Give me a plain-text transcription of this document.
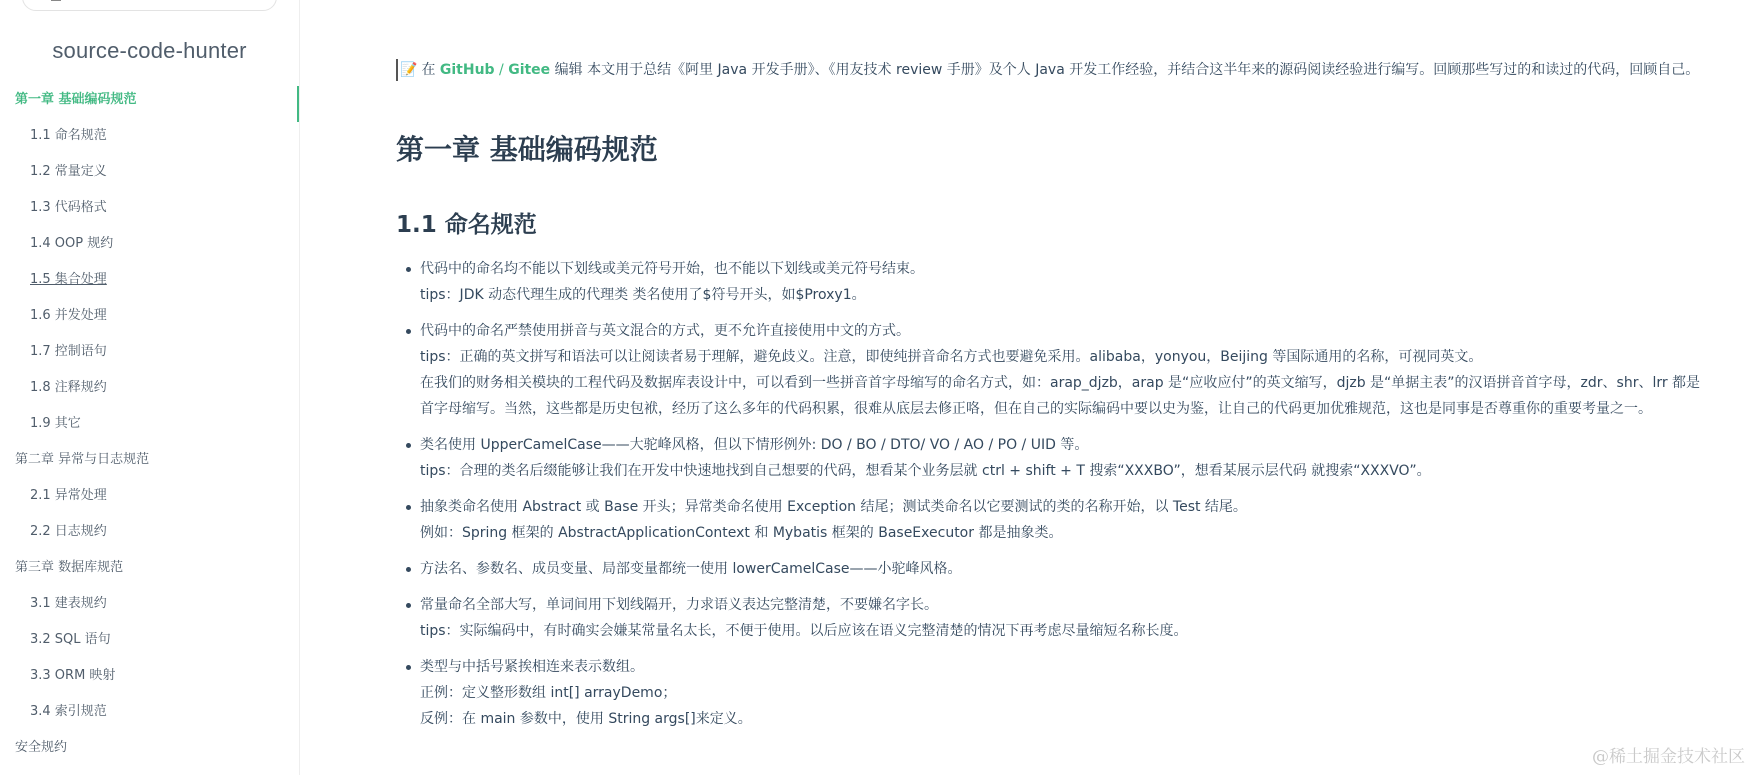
source-code-hunter
第一章 基础编码规范
1.1 命名规范
1.2 常量定义
1.3 代码格式
1.4 OOP 规约
1.5 集合处理
1.6 并发处理
1.7 控制语句
1.8 注释规约
1.9 其它
第二章 异常与日志规范
2.1 异常处理
2.2 日志规约
第三章 数据库规范
3.1 建表规约
3.2 SQL 语句
3.3 ORM 映射
3.4 索引规范
安全规约
📝 在 GitHub / Gitee 编辑 本文用于总结《阿里 Java 开发手册》、《用友技术 review 手册》及个人 Java 开发工作经验，并结合这半年来的源码阅读经验进行编写。回顾那些写过的和读过的代码，回顾自己。
第一章 基础编码规范
1.1 命名规范
代码中的命名均不能以下划线或美元符号开始，也不能以下划线或美元符号结束。
tips：JDK 动态代理生成的代理类 类名使用了$符号开头，如$Proxy1。
代码中的命名严禁使用拼音与英文混合的方式，更不允许直接使用中文的方式。
tips：正确的英文拼写和语法可以让阅读者易于理解，避免歧义。注意，即使纯拼音命名方式也要避免采用。alibaba，yonyou，Beijing 等国际通用的名称，可视同英文。
在我们的财务相关模块的工程代码及数据库表设计中，可以看到一些拼音首字母缩写的命名方式，如：arap_djzb，arap 是“应收应付”的英文缩写，djzb 是“单据主表”的汉语拼音首字母，zdr、shr、lrr 都是
首字母缩写。当然，这些都是历史包袱，经历了这么多年的代码积累，很难从底层去修正咯，但在自己的实际编码中要以史为鉴，让自己的代码更加优雅规范，这也是同事是否尊重你的重要考量之一。
类名使用 UpperCamelCase——大驼峰风格，但以下情形例外: DO / BO / DTO/ VO / AO / PO / UID 等。
tips：合理的类名后缀能够让我们在开发中快速地找到自己想要的代码，想看某个业务层就 ctrl + shift + T 搜索“XXXBO”，想看某展示层代码 就搜索“XXXVO”。
抽象类命名使用 Abstract 或 Base 开头；异常类命名使用 Exception 结尾；测试类命名以它要测试的类的名称开始，以 Test 结尾。
例如：Spring 框架的 AbstractApplicationContext 和 Mybatis 框架的 BaseExecutor 都是抽象类。
方法名、参数名、成员变量、局部变量都统一使用 lowerCamelCase——小驼峰风格。
常量命名全部大写，单词间用下划线隔开，力求语义表达完整清楚，不要嫌名字长。
tips：实际编码中，有时确实会嫌某常量名太长，不便于使用。以后应该在语义完整清楚的情况下再考虑尽量缩短名称长度。
类型与中括号紧挨相连来表示数组。
正例：定义整形数组 int[] arrayDemo；
反例：在 main 参数中，使用 String args[]来定义。
@稀土掘金技术社区
